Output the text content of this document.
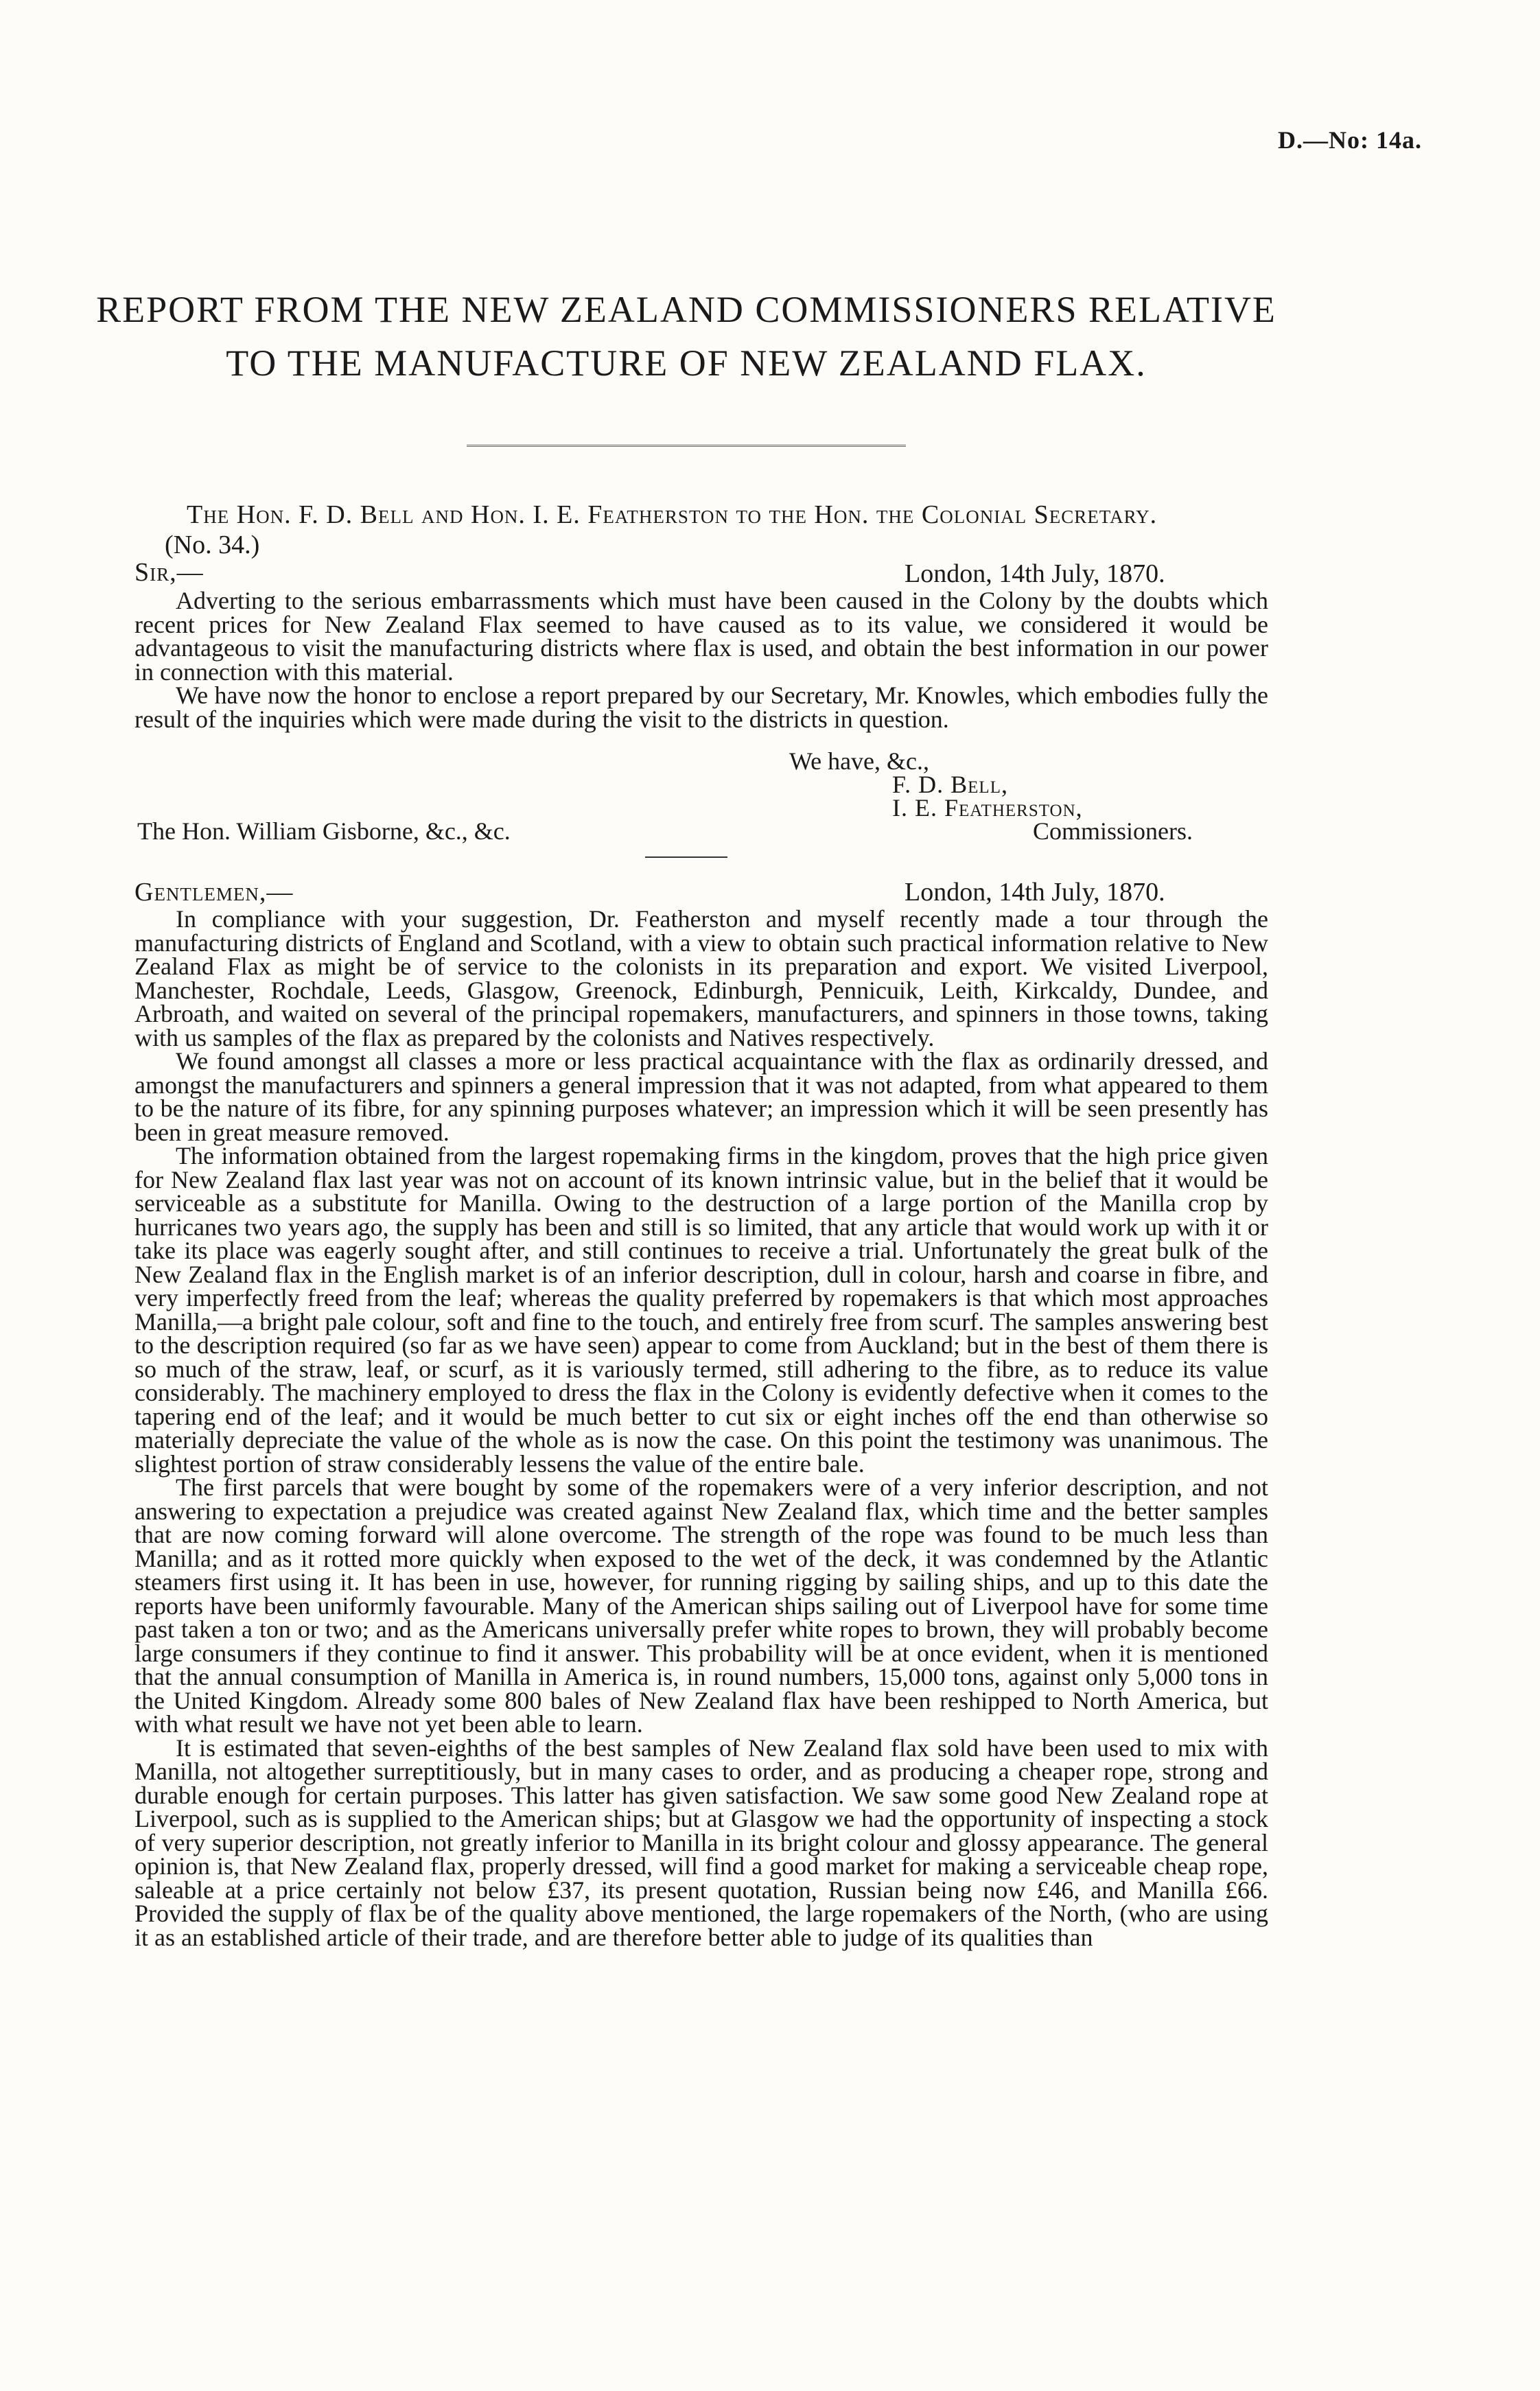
D.—No: 14a.
REPORT FROM THE NEW ZEALAND COMMISSIONERS RELATIVE
TO THE MANUFACTURE OF NEW ZEALAND FLAX.
The Hon. F. D. Bell and Hon. I. E. Featherston to the Hon. the Colonial Secretary.
(No. 34.)
Sir,—	London, 14th July, 1870.

Adverting to the serious embarrassments which must have been caused in the Colony by the doubts which recent prices for New Zealand Flax seemed to have caused as to its value, we considered it would be advantageous to visit the manufacturing districts where flax is used, and obtain the best information in our power in connection with this material.

We have now the honor to enclose a report prepared by our Secretary, Mr. Knowles, which embodies fully the result of the inquiries which were made during the visit to the districts in question.

We have, &c.,
F. D. Bell,
I. E. Featherston,
The Hon. William Gisborne, &c., &c.	Commissioners.
Gentlemen,—	London, 14th July, 1870.

In compliance with your suggestion, Dr. Featherston and myself recently made a tour through the manufacturing districts of England and Scotland, with a view to obtain such practical information relative to New Zealand Flax as might be of service to the colonists in its preparation and export. We visited Liverpool, Manchester, Rochdale, Leeds, Glasgow, Greenock, Edinburgh, Pennicuik, Leith, Kirkcaldy, Dundee, and Arbroath, and waited on several of the principal ropemakers, manufacturers, and spinners in those towns, taking with us samples of the flax as prepared by the colonists and Natives respectively.

We found amongst all classes a more or less practical acquaintance with the flax as ordinarily dressed, and amongst the manufacturers and spinners a general impression that it was not adapted, from what appeared to them to be the nature of its fibre, for any spinning purposes whatever; an impression which it will be seen presently has been in great measure removed.

The information obtained from the largest ropemaking firms in the kingdom, proves that the high price given for New Zealand flax last year was not on account of its known intrinsic value, but in the belief that it would be serviceable as a substitute for Manilla. Owing to the destruction of a large portion of the Manilla crop by hurricanes two years ago, the supply has been and still is so limited, that any article that would work up with it or take its place was eagerly sought after, and still continues to receive a trial. Unfortunately the great bulk of the New Zealand flax in the English market is of an inferior description, dull in colour, harsh and coarse in fibre, and very imperfectly freed from the leaf; whereas the quality preferred by ropemakers is that which most approaches Manilla,—a bright pale colour, soft and fine to the touch, and entirely free from scurf. The samples answering best to the description required (so far as we have seen) appear to come from Auckland; but in the best of them there is so much of the straw, leaf, or scurf, as it is variously termed, still adhering to the fibre, as to reduce its value considerably. The machinery employed to dress the flax in the Colony is evidently defective when it comes to the tapering end of the leaf; and it would be much better to cut six or eight inches off the end than otherwise so materially depreciate the value of the whole as is now the case. On this point the testimony was unanimous. The slightest portion of straw considerably lessens the value of the entire bale.

The first parcels that were bought by some of the ropemakers were of a very inferior description, and not answering to expectation a prejudice was created against New Zealand flax, which time and the better samples that are now coming forward will alone overcome. The strength of the rope was found to be much less than Manilla; and as it rotted more quickly when exposed to the wet of the deck, it was condemned by the Atlantic steamers first using it. It has been in use, however, for running rigging by sailing ships, and up to this date the reports have been uniformly favourable. Many of the American ships sailing out of Liverpool have for some time past taken a ton or two; and as the Americans universally prefer white ropes to brown, they will probably become large consumers if they continue to find it answer. This probability will be at once evident, when it is mentioned that the annual consumption of Manilla in America is, in round numbers, 15,000 tons, against only 5,000 tons in the United Kingdom. Already some 800 bales of New Zealand flax have been reshipped to North America, but with what result we have not yet been able to learn.

It is estimated that seven-eighths of the best samples of New Zealand flax sold have been used to mix with Manilla, not altogether surreptitiously, but in many cases to order, and as producing a cheaper rope, strong and durable enough for certain purposes. This latter has given satisfaction. We saw some good New Zealand rope at Liverpool, such as is supplied to the American ships; but at Glasgow we had the opportunity of inspecting a stock of very superior description, not greatly inferior to Manilla in its bright colour and glossy appearance. The general opinion is, that New Zealand flax, properly dressed, will find a good market for making a serviceable cheap rope, saleable at a price certainly not below £37, its present quotation, Russian being now £46, and Manilla £66. Provided the supply of flax be of the quality above mentioned, the large ropemakers of the North, (who are using it as an established article of their trade, and are therefore better able to judge of its qualities than
